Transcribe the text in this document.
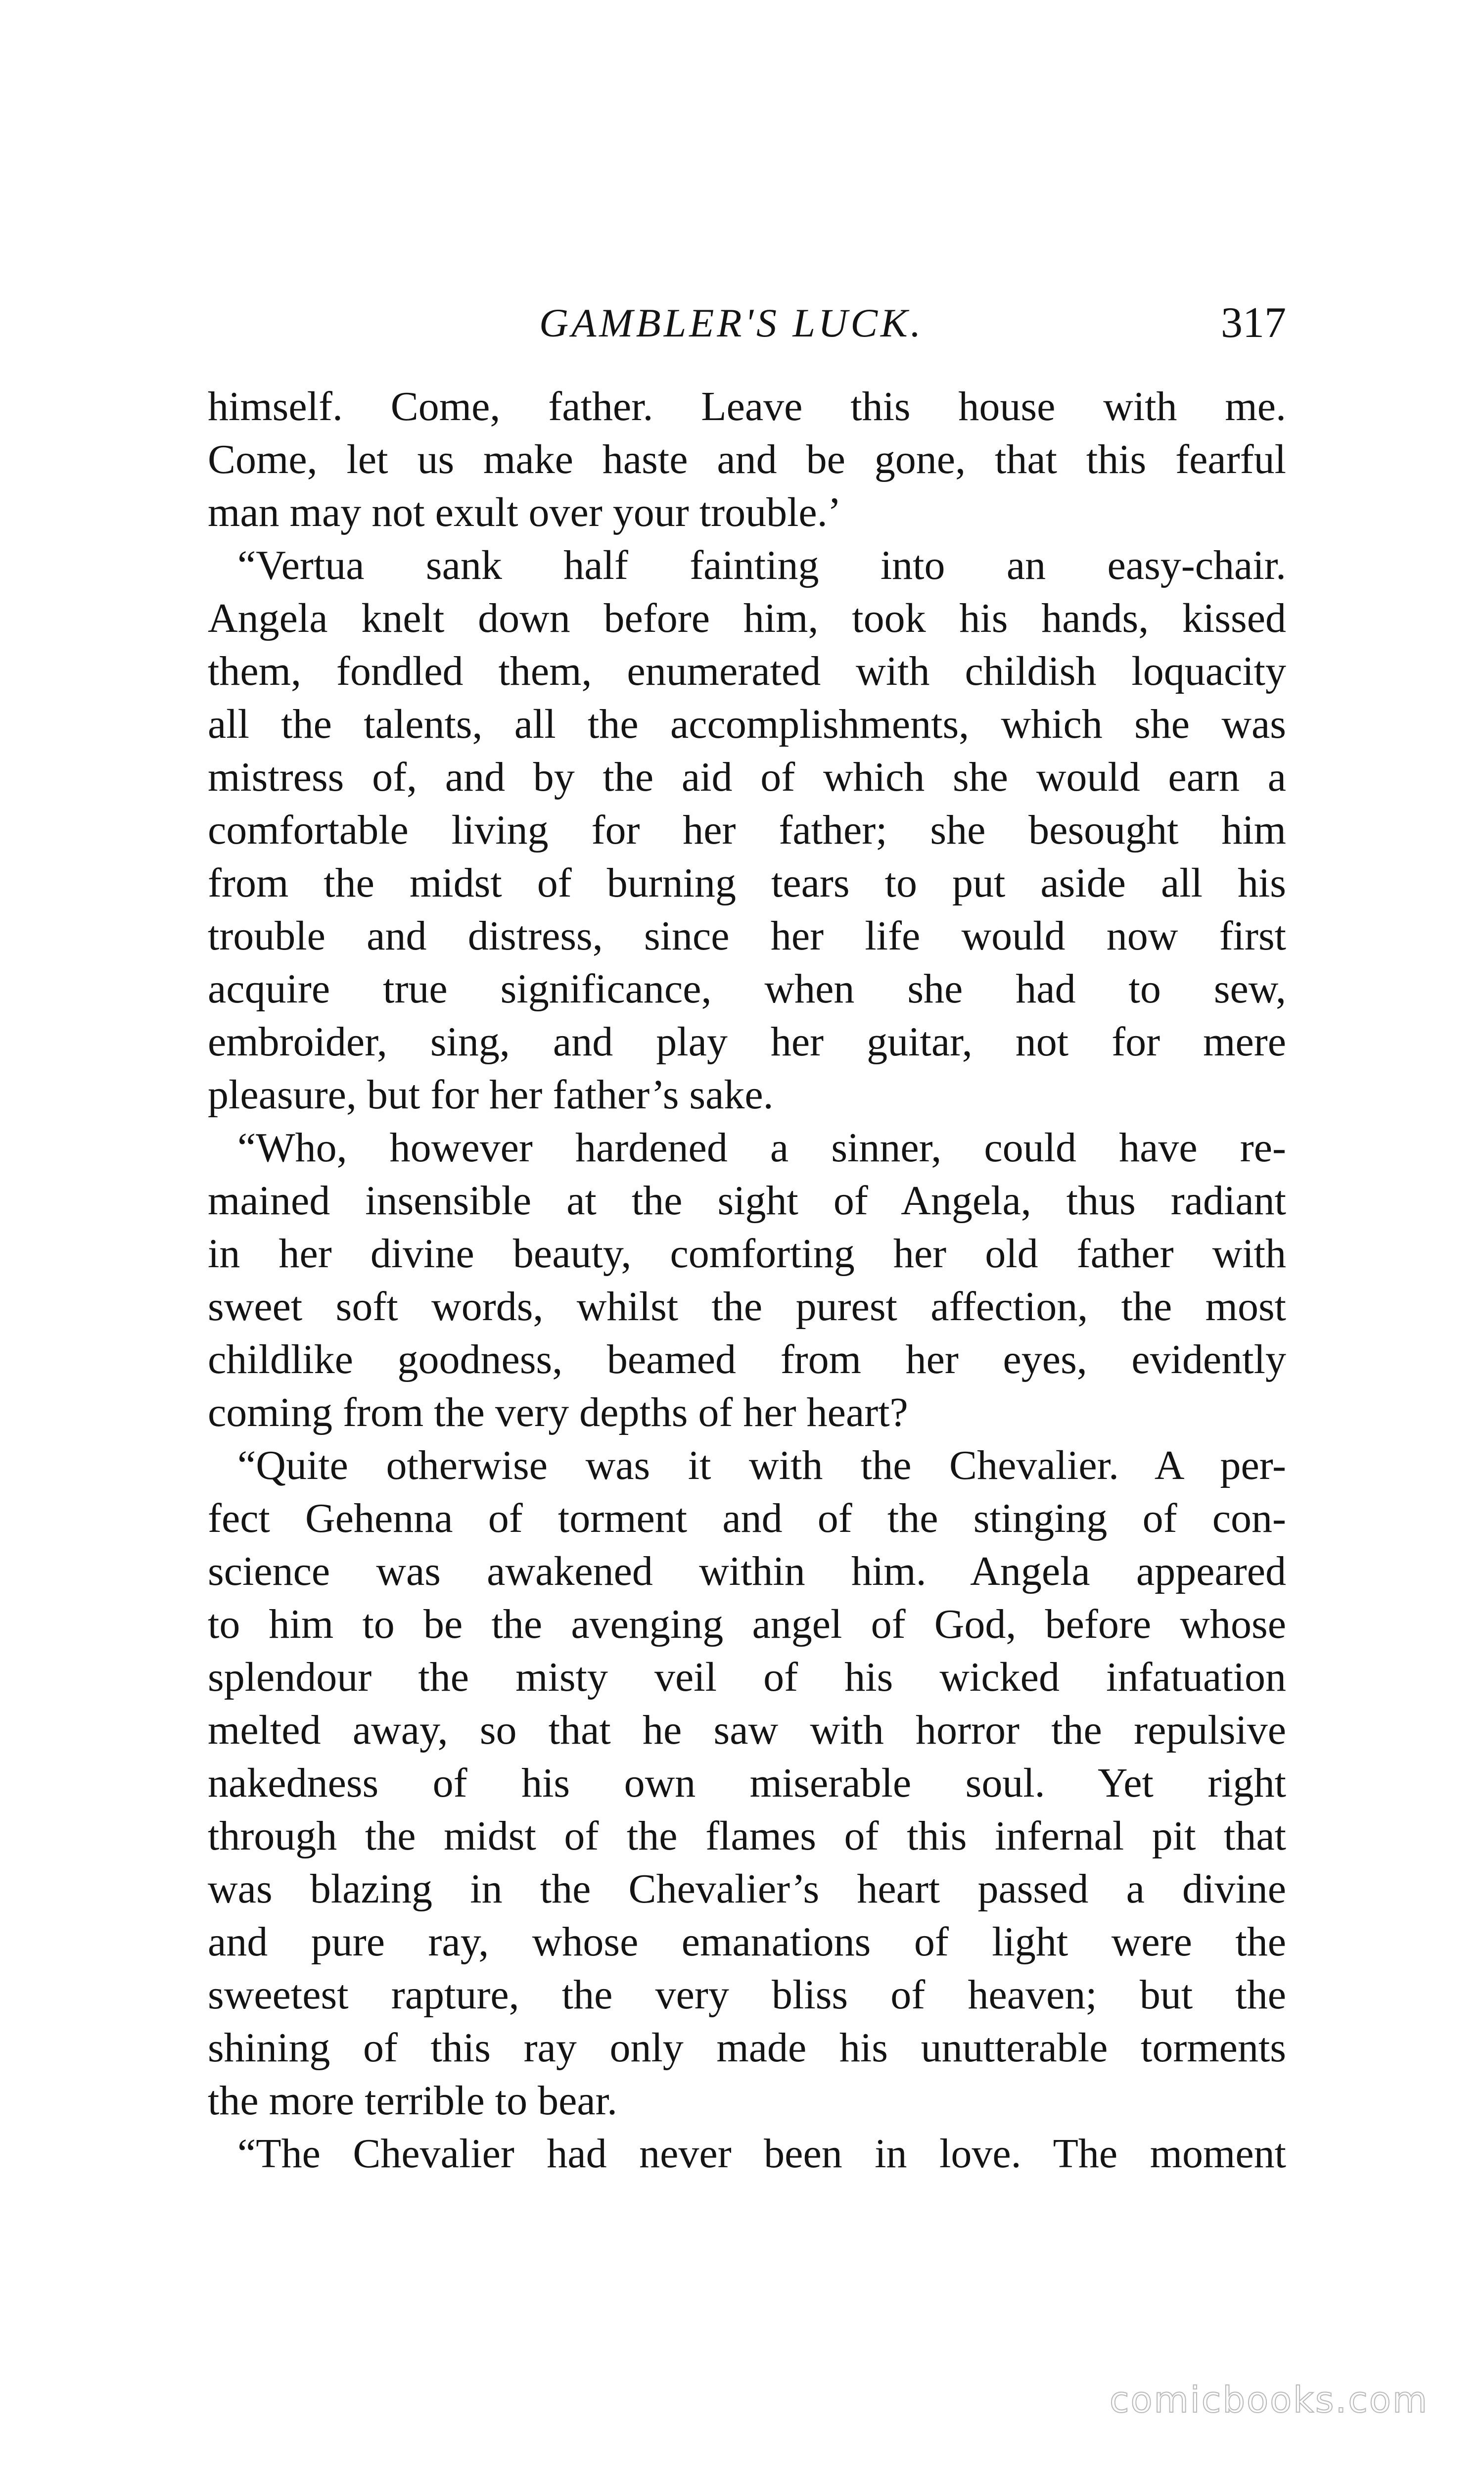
GAMBLER'S LUCK.	317
himself. Come, father. Leave this house with me.
Come, let us make haste and be gone, that this fearful
man may not exult over your trouble.’
“Vertua sank half fainting into an easy-chair.
Angela knelt down before him, took his hands, kissed
them, fondled them, enumerated with childish loquacity
all the talents, all the accomplishments, which she was
mistress of, and by the aid of which she would earn a
comfortable living for her father; she besought him
from the midst of burning tears to put aside all his
trouble and distress, since her life would now first
acquire true significance, when she had to sew,
embroider, sing, and play her guitar, not for mere
pleasure, but for her father’s sake.
“Who, however hardened a sinner, could have re-
mained insensible at the sight of Angela, thus radiant
in her divine beauty, comforting her old father with
sweet soft words, whilst the purest affection, the most
childlike goodness, beamed from her eyes, evidently
coming from the very depths of her heart?
“Quite otherwise was it with the Chevalier. A per-
fect Gehenna of torment and of the stinging of con-
science was awakened within him. Angela appeared
to him to be the avenging angel of God, before whose
splendour the misty veil of his wicked infatuation
melted away, so that he saw with horror the repulsive
nakedness of his own miserable soul. Yet right
through the midst of the flames of this infernal pit that
was blazing in the Chevalier’s heart passed a divine
and pure ray, whose emanations of light were the
sweetest rapture, the very bliss of heaven; but the
shining of this ray only made his unutterable torments
the more terrible to bear.
“The Chevalier had never been in love. The moment
comicbooks.com
